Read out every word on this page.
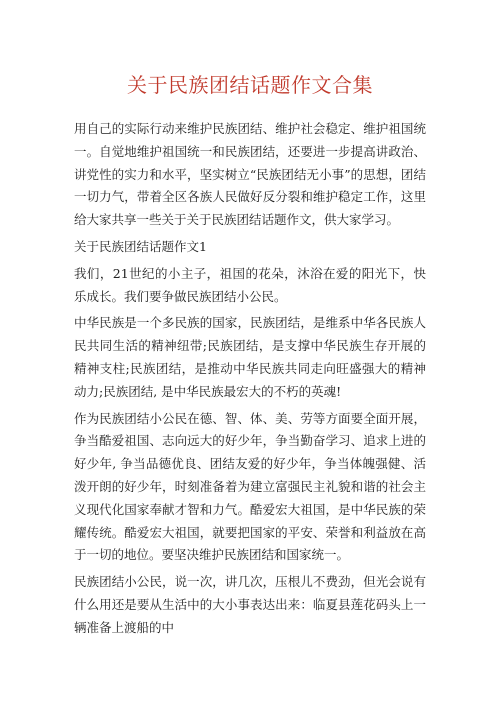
关于民族团结话题作文合集

用自己的实际行动来维护民族团结、维护社会稳定、维护祖国统一。自觉地维护祖国统一和民族团结，还要进一步提高讲政治、讲党性的实力和水平，坚实树立“民族团结无小事”的思想，团结一切力气，带着全区各族人民做好反分裂和维护稳定工作，这里给大家共享一些关于关于民族团结话题作文，供大家学习。

关于民族团结话题作文1

我们，21世纪的小主子，祖国的花朵，沐浴在爱的阳光下，快乐成长。我们要争做民族团结小公民。

中华民族是一个多民族的国家，民族团结，是维系中华各民族人民共同生活的精神纽带;民族团结，是支撑中华民族生存开展的精神支柱;民族团结，是推动中华民族共同走向旺盛强大的精神动力;民族团结, 是中华民族最宏大的不朽的英魂!

作为民族团结小公民在德、智、体、美、劳等方面要全面开展，争当酷爱祖国、志向远大的好少年，争当勤奋学习、追求上进的好少年, 争当品德优良、团结友爱的好少年，争当体魄强健、活泼开朗的好少年，时刻准备着为建立富强民主礼貌和谐的社会主义现代化国家奉献才智和力气。酷爱宏大祖国，是中华民族的荣耀传统。酷爱宏大祖国，就要把国家的平安、荣誉和利益放在高于一切的地位。要坚决维护民族团结和国家统一。

民族团结小公民，说一次，讲几次，压根儿不费劲，但光会说有什么用还是要从生活中的大小事表达出来：临夏县莲花码头上一辆准备上渡船的中
